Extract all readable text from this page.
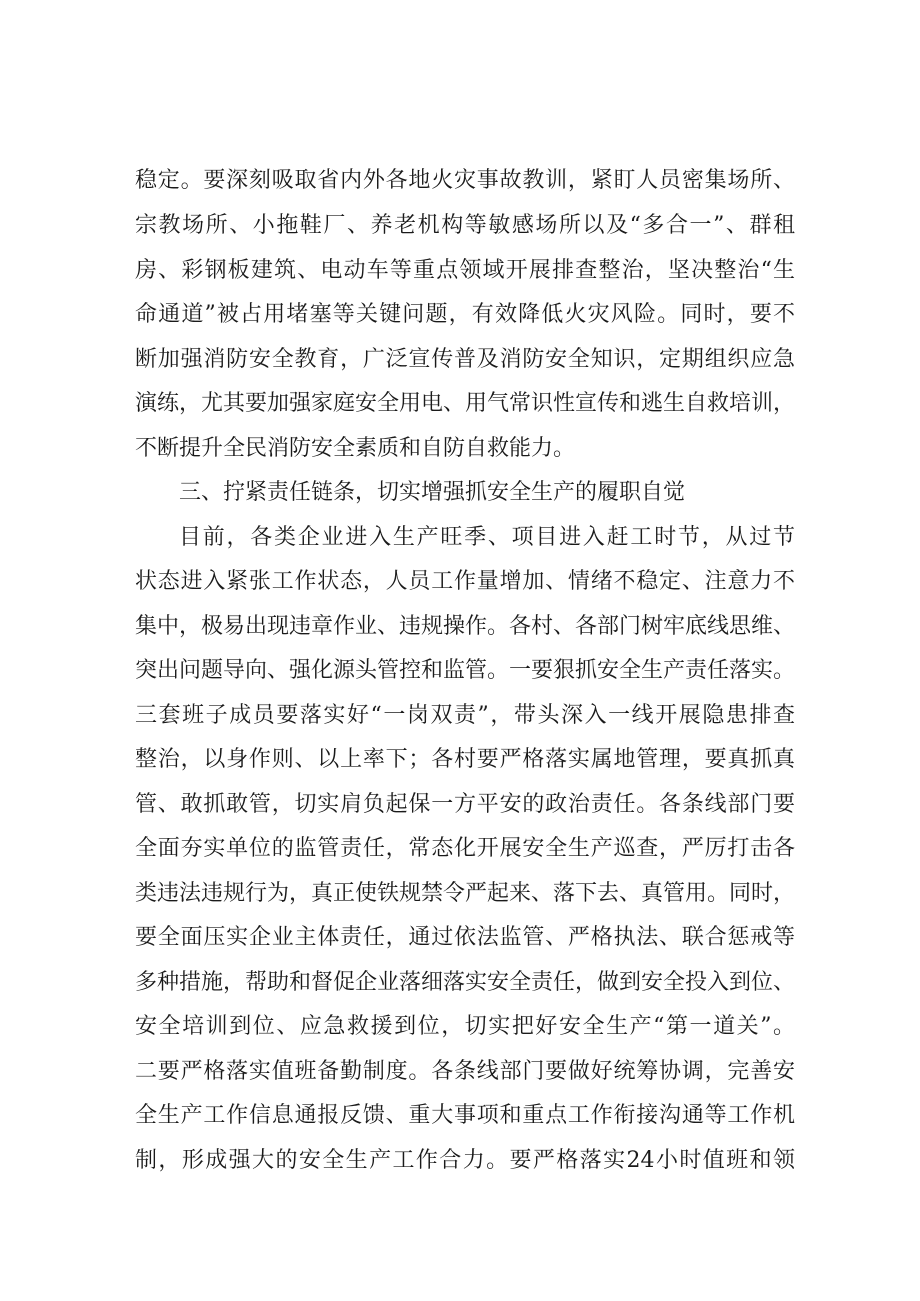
稳定。要深刻吸取省内外各地火灾事故教训，紧盯人员密集场所、
宗教场所、小拖鞋厂、养老机构等敏感场所以及“多合一”、群租
房、彩钢板建筑、电动车等重点领域开展排查整治，坚决整治“生
命通道”被占用堵塞等关键问题，有效降低火灾风险。同时，要不
断加强消防安全教育，广泛宣传普及消防安全知识，定期组织应急
演练，尤其要加强家庭安全用电、用气常识性宣传和逃生自救培训，
不断提升全民消防安全素质和自防自救能力。
三、拧紧责任链条，切实增强抓安全生产的履职自觉
目前，各类企业进入生产旺季、项目进入赶工时节，从过节
状态进入紧张工作状态，人员工作量增加、情绪不稳定、注意力不
集中，极易出现违章作业、违规操作。各村、各部门树牢底线思维、
突出问题导向、强化源头管控和监管。一要狠抓安全生产责任落实。
三套班子成员要落实好“一岗双责”，带头深入一线开展隐患排查
整治，以身作则、以上率下；各村要严格落实属地管理，要真抓真
管、敢抓敢管，切实肩负起保一方平安的政治责任。各条线部门要
全面夯实单位的监管责任，常态化开展安全生产巡查，严厉打击各
类违法违规行为，真正使铁规禁令严起来、落下去、真管用。同时，
要全面压实企业主体责任，通过依法监管、严格执法、联合惩戒等
多种措施，帮助和督促企业落细落实安全责任，做到安全投入到位、
安全培训到位、应急救援到位，切实把好安全生产“第一道关”。
二要严格落实值班备勤制度。各条线部门要做好统筹协调，完善安
全生产工作信息通报反馈、重大事项和重点工作衔接沟通等工作机
制，形成强大的安全生产工作合力。要严格落实24小时值班和领
